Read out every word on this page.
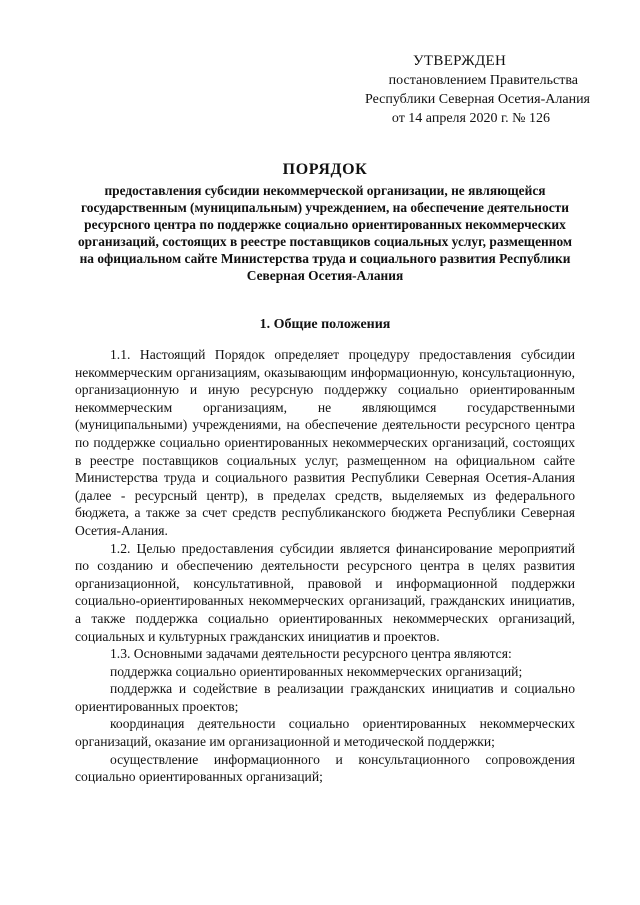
УТВЕРЖДЕН
постановлением Правительства
Республики Северная Осетия-Алания
от 14 апреля 2020 г. № 126

ПОРЯДОК

предоставления субсидии некоммерческой организации, не являющейся государственным (муниципальным) учреждением, на обеспечение деятельности ресурсного центра по поддержке социально ориентированных некоммерческих организаций, состоящих в реестре поставщиков социальных услуг, размещенном на официальном сайте Министерства труда и социального развития Республики Северная Осетия-Алания

1. Общие положения

1.1. Настоящий Порядок определяет процедуру предоставления субсидии некоммерческим организациям, оказывающим информационную, консультационную, организационную и иную ресурсную поддержку социально ориентированным некоммерческим организациям, не являющимся государственными (муниципальными) учреждениями, на обеспечение деятельности ресурсного центра по поддержке социально ориентированных некоммерческих организаций, состоящих в реестре поставщиков социальных услуг, размещенном на официальном сайте Министерства труда и социального развития Республики Северная Осетия-Алания (далее - ресурсный центр), в пределах средств, выделяемых из федерального бюджета, а также за счет средств республиканского бюджета Республики Северная Осетия-Алания.

1.2. Целью предоставления субсидии является финансирование мероприятий по созданию и обеспечению деятельности ресурсного центра в целях развития организационной, консультативной, правовой и информационной поддержки социально-ориентированных некоммерческих организаций, гражданских инициатив, а также поддержка социально ориентированных некоммерческих организаций, социальных и культурных гражданских инициатив и проектов.

1.3. Основными задачами деятельности ресурсного центра являются:

поддержка социально ориентированных некоммерческих организаций;

поддержка и содействие в реализации гражданских инициатив и социально ориентированных проектов;

координация деятельности социально ориентированных некоммерческих организаций, оказание им организационной и методической поддержки;

осуществление информационного и консультационного сопровождения социально ориентированных организаций;
